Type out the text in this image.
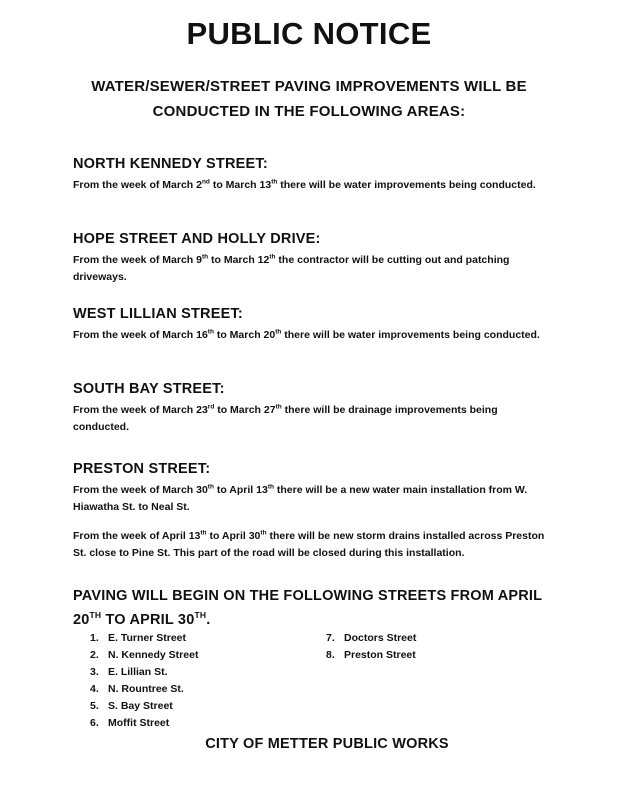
PUBLIC NOTICE
WATER/SEWER/STREET PAVING IMPROVEMENTS WILL BE
CONDUCTED IN THE FOLLOWING AREAS:
NORTH KENNEDY STREET:

From the week of March 2nd to March 13th there will be water improvements being conducted.

HOPE STREET AND HOLLY DRIVE:

From the week of March 9th to March 12th the contractor will be cutting out and patching driveways.

WEST LILLIAN STREET:

From the week of March 16th to March 20th there will be water improvements being conducted.

SOUTH BAY STREET:

From the week of March 23rd to March 27th there will be drainage improvements being conducted.

PRESTON STREET:

From the week of March 30th to April 13th there will be a new water main installation from W. Hiawatha St. to Neal St.

From the week of April 13th to April 30th there will be new storm drains installed across Preston St. close to Pine St. This part of the road will be closed during this installation.

PAVING WILL BEGIN ON THE FOLLOWING STREETS FROM APRIL 20TH TO APRIL 30TH.
1. E. Turner Street
2. N. Kennedy Street
3. E. Lillian St.
4. N. Rountree St.
5. S. Bay Street
6. Moffit Street
7. Doctors Street
8. Preston Street
CITY OF METTER PUBLIC WORKS
